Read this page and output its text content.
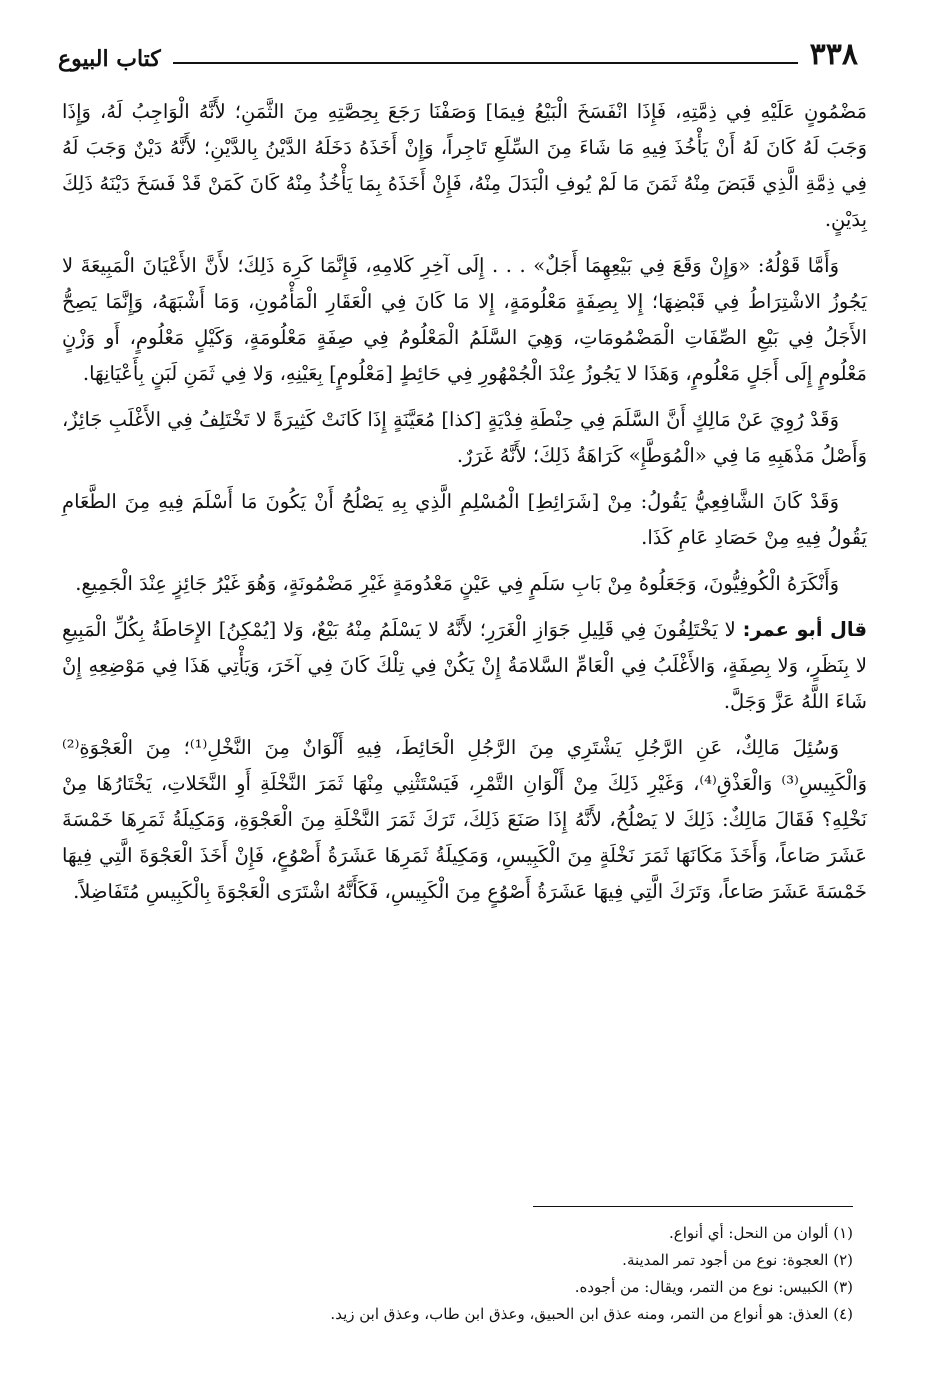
٣٣٨
كتاب البيوع

مَضْمُونٍ عَلَيْهِ فِي ذِمَّتِهِ، فَإِذَا انْفَسَخَ الْبَيْعُ فِيمَا] وَصَفْنَا رَجَعَ بِحِصَّتِهِ مِنَ الثَّمَنِ؛ لأَنَّهُ الْوَاجِبُ لَهُ، وَإِذَا وَجَبَ لَهُ كَانَ لَهُ أَنْ يَأْخُذَ فِيهِ مَا شَاءَ مِنَ السِّلَعِ تَاجِراً، وَإِنْ أَخَذَهُ دَخَلَهُ الدَّيْنُ بِالدَّيْنِ؛ لأَنَّهُ دَيْنٌ وَجَبَ لَهُ فِي ذِمَّةِ الَّذِي قَبَضَ مِنْهُ ثَمَنَ مَا لَمْ يُوفِ الْبَدَلَ مِنْهُ، فَإِنْ أَخَذَهُ بِمَا يَأْخُذُ مِنْهُ كَانَ كَمَنْ قَدْ فَسَخَ دَيْنَهُ ذَلِكَ بِدَيْنٍ.

وَأَمَّا قَوْلُهُ: «وَإِنْ وَقَعَ فِي بَيْعِهِمَا أَجَلٌ» . . . إِلَى آخِرِ كَلامِهِ، فَإِنَّمَا كَرِهَ ذَلِكَ؛ لأَنَّ الأَعْيَانَ الْمَبِيعَةَ لا يَجُوزُ الاشْتِرَاطُ فِي قَبْضِهَا؛ إِلا بِصِفَةٍ مَعْلُومَةٍ، إِلا مَا كَانَ فِي الْعَقَارِ الْمَأْمُونِ، وَمَا أَشْبَهَهُ، وَإِنَّمَا يَصِحُّ الأَجَلُ فِي بَيْعِ الصِّفَاتِ الْمَضْمُومَاتِ، وَهِيَ السَّلَمُ الْمَعْلُومُ فِي صِفَةٍ مَعْلُومَةٍ، وَكَيْلٍ مَعْلُومٍ، أَو وَزْنٍ مَعْلُومٍ إِلَى أَجَلٍ مَعْلُومٍ، وَهَذَا لا يَجُوزُ عِنْدَ الْجُمْهُورِ فِي حَائِطٍ [مَعْلُومٍ] بِعَيْنِهِ، وَلا فِي ثَمَنِ لَبَنٍ بِأَعْيَانِهَا.

وَقَدْ رُوِيَ عَنْ مَالِكٍ أَنَّ السَّلَمَ فِي حِنْطَةِ فِدْيَةٍ [كذا] مُعَيَّنَةٍ إِذَا كَانَتْ كَثِيرَةً لا تَخْتَلِفُ فِي الأَغْلَبِ جَائِزٌ، وَأَصْلُ مَذْهَبِهِ مَا فِي «الْمُوَطَّإِ» كَرَاهَةُ ذَلِكَ؛ لأَنَّهُ غَرَرٌ.

وَقَدْ كَانَ الشَّافِعِيُّ يَقُولُ: مِنْ [شَرَائِطِ] الْمُسْلِمِ الَّذِي بِهِ يَصْلُحُ أَنْ يَكُونَ مَا أَسْلَمَ فِيهِ مِنَ الطَّعَامِ يَقُولُ فِيهِ مِنْ حَصَادِ عَامِ كَذَا.

وَأَنْكَرَهُ الْكُوفِيُّونَ، وَجَعَلُوهُ مِنْ بَابِ سَلَمٍ فِي عَيْنٍ مَعْدُومَةٍ غَيْرِ مَضْمُونَةٍ، وَهُوَ غَيْرُ جَائِزٍ عِنْدَ الْجَمِيعِ.

قال أبو عمر: لا يَخْتَلِفُونَ فِي قَلِيلِ جَوَازِ الْغَرَرِ؛ لأَنَّهُ لا يَسْلَمُ مِنْهُ بَيْعٌ، وَلا [يُمْكِنُ] الإِحَاطَةُ بِكُلِّ الْمَبِيعِ لا بِنَظَرٍ، وَلا بِصِفَةٍ، وَالأَغْلَبُ فِي الْعَامِّ السَّلامَةُ إِنْ يَكُنْ فِي تِلْكَ كَانَ فِي آخَرَ، وَيَأْتِي هَذَا فِي مَوْضِعِهِ إِنْ شَاءَ اللَّهُ عَزَّ وَجَلَّ.

وَسُئِلَ مَالِكٌ، عَنِ الرَّجُلِ يَشْتَرِي مِنَ الرَّجُلِ الْحَائِطَ، فِيهِ أَلْوَانٌ مِنَ النَّخْلِ⁽¹⁾؛ مِنَ الْعَجْوَةِ⁽²⁾ وَالْكَبِيسِ⁽³⁾ وَالْعَذْقِ⁽⁴⁾، وَغَيْرِ ذَلِكَ مِنْ أَلْوَانِ التَّمْرِ، فَيَسْتَثْنِي مِنْهَا ثَمَرَ النَّخْلَةِ أَوِ النَّخَلاتِ، يَخْتَارُهَا مِنْ نَخْلِهِ؟ فَقَالَ مَالِكٌ: ذَلِكَ لا يَصْلُحُ، لأَنَّهُ إِذَا صَنَعَ ذَلِكَ، تَرَكَ ثَمَرَ النَّخْلَةِ مِنَ الْعَجْوَةِ، وَمَكِيلَةُ ثَمَرِهَا خَمْسَةَ عَشَرَ صَاعاً، وَأَخَذَ مَكَانَهَا ثَمَرَ نَخْلَةٍ مِنَ الْكَبِيسِ، وَمَكِيلَةُ ثَمَرِهَا عَشَرَةُ أَصْوُعٍ، فَإِنْ أَخَذَ الْعَجْوَةَ الَّتِي فِيهَا خَمْسَةَ عَشَرَ صَاعاً، وَتَرَكَ الَّتِي فِيهَا عَشَرَةُ أَصْوُعٍ مِنَ الْكَبِيسِ، فَكَأَنَّهُ اشْتَرَى الْعَجْوَةَ بِالْكَبِيسِ مُتَفَاضِلاً.

(١) ألوان من النحل: أي أنواع.

(٢) العجوة: نوع من أجود تمر المدينة.

(٣) الكبيس: نوع من التمر، ويقال: من أجوده.

(٤) العذق: هو أنواع من التمر، ومنه عذق ابن الحبيق، وعذق ابن طاب، وعذق ابن زيد.
